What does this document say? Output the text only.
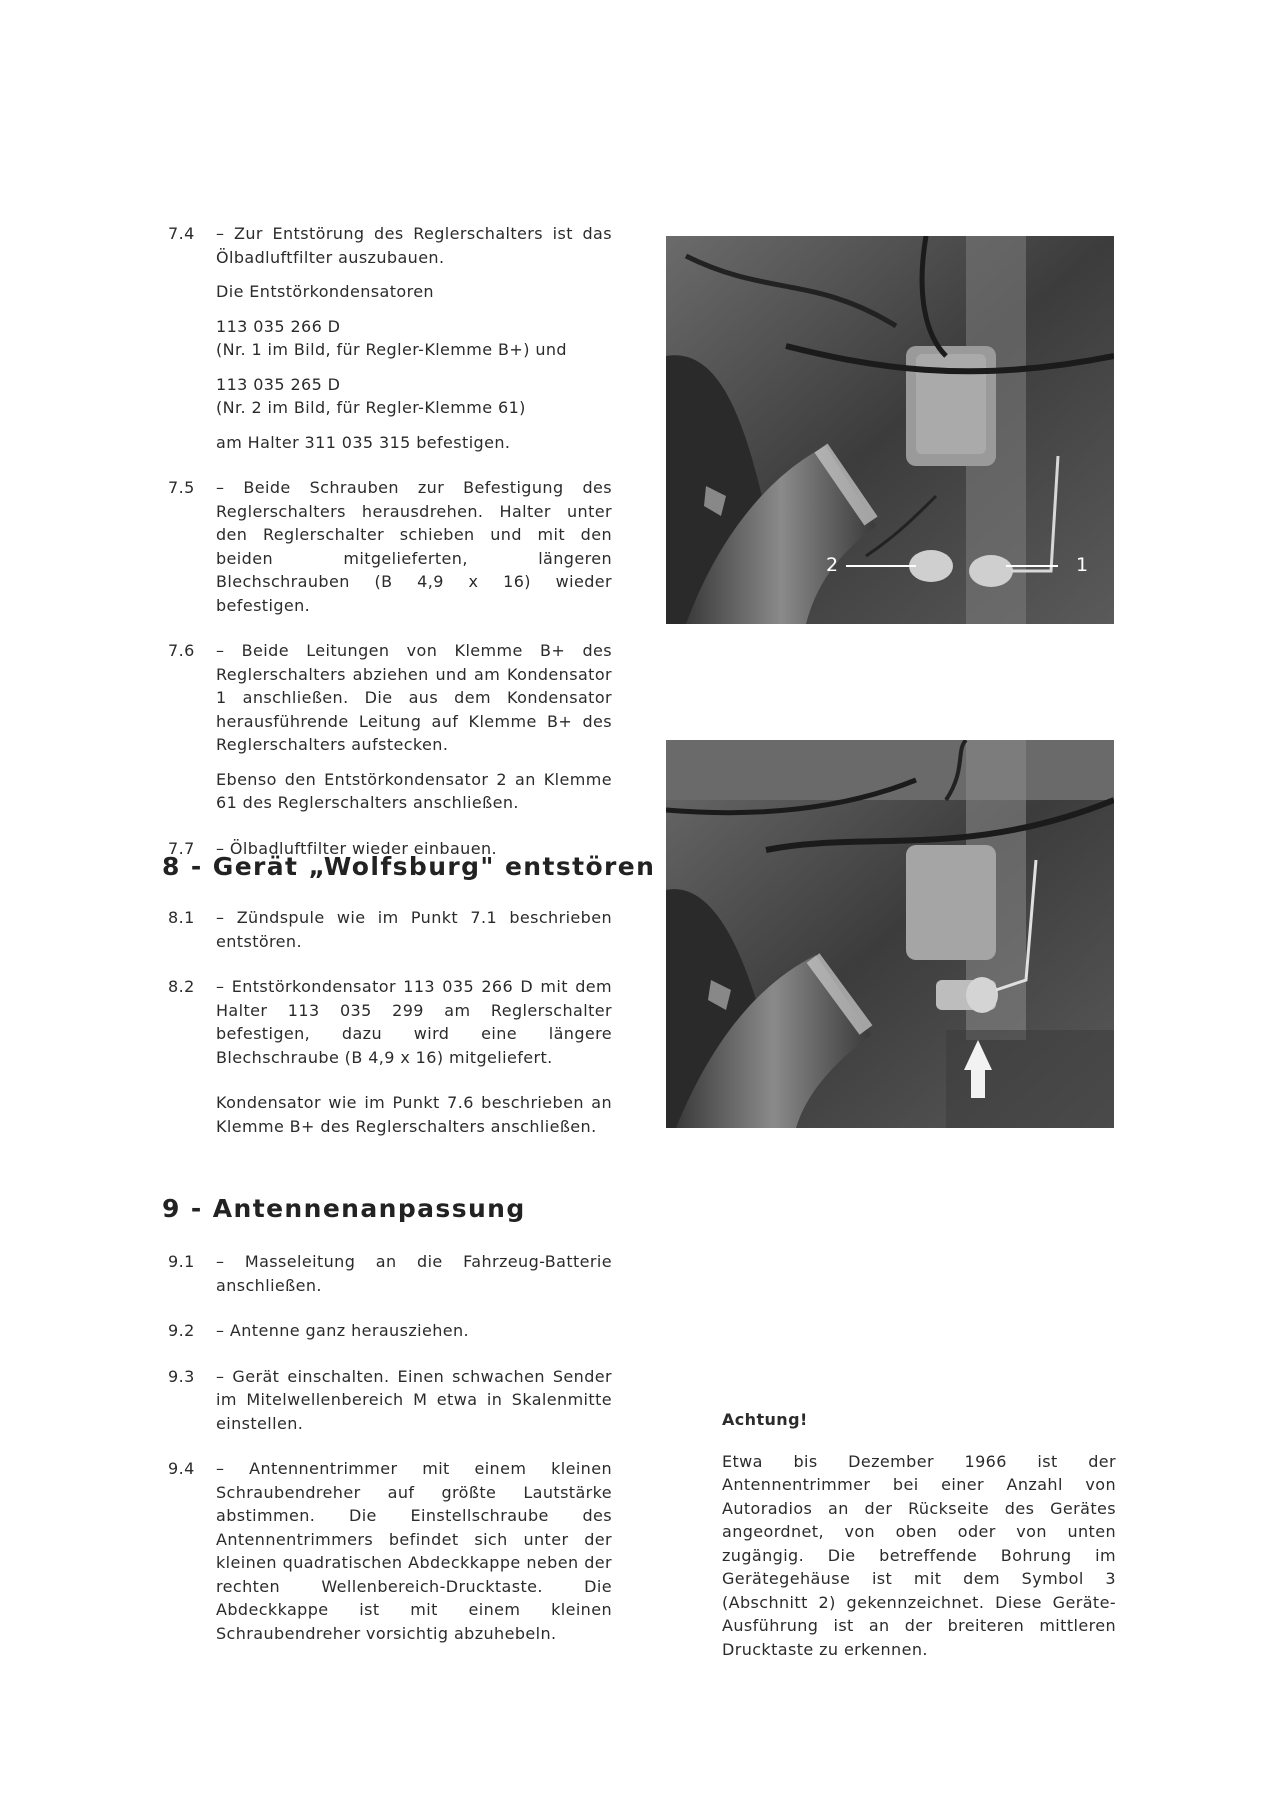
7.4	– Zur Entstörung des Reglerschalters ist das Ölbadluftfilter auszubauen.

Die Entstörkondensatoren

113 035 266 D

(Nr. 1 im Bild, für Regler-Klemme B+) und

113 035 265 D

(Nr. 2 im Bild, für Regler-Klemme 61)

am Halter 311 035 315 befestigen.

7.5	– Beide Schrauben zur Befestigung des Reglerschalters herausdrehen. Halter unter den Reglerschalter schieben und mit den beiden mitgelieferten, längeren Blechschrauben (B 4,9 x 16) wieder befestigen.

7.6	– Beide Leitungen von Klemme B+ des Reglerschalters abziehen und am Kondensator 1 anschließen. Die aus dem Kondensator herausführende Leitung auf Klemme B+ des Reglerschalters aufstecken.

Ebenso den Entstörkondensator 2 an Klemme 61 des Reglerschalters anschließen.

7.7	– Ölbadluftfilter wieder einbauen.

8 - Gerät „Wolfsburg" entstören
8.1	– Zündspule wie im Punkt 7.1 beschrieben entstören.

8.2	– Entstörkondensator 113 035 266 D mit dem Halter 113 035 299 am Reglerschalter befestigen, dazu wird eine längere Blechschraube (B 4,9 x 16) mitgeliefert.

Kondensator wie im Punkt 7.6 beschrieben an Klemme B+ des Reglerschalters anschließen.

9 - Antennenanpassung
9.1	– Masseleitung an die Fahrzeug-Batterie anschließen.

9.2	– Antenne ganz herausziehen.

9.3	– Gerät einschalten. Einen schwachen Sender im Mitelwellenbereich M etwa in Skalenmitte einstellen.

9.4	– Antennentrimmer mit einem kleinen Schraubendreher auf größte Lautstärke abstimmen. Die Einstellschraube des Antennentrimmers befindet sich unter der kleinen quadratischen Abdeckkappe neben der rechten Wellenbereich-Drucktaste. Die Abdeckkappe ist mit einem kleinen Schraubendreher vorsichtig abzuhebeln.

2	1

Achtung!

Etwa bis Dezember 1966 ist der Antennentrimmer bei einer Anzahl von Autoradios an der Rückseite des Gerätes angeordnet, von oben oder von unten zugängig. Die betreffende Bohrung im Gerätegehäuse ist mit dem Symbol 3 (Abschnitt 2) gekennzeichnet. Diese Geräte-Ausführung ist an der breiteren mittleren Drucktaste zu erkennen.
